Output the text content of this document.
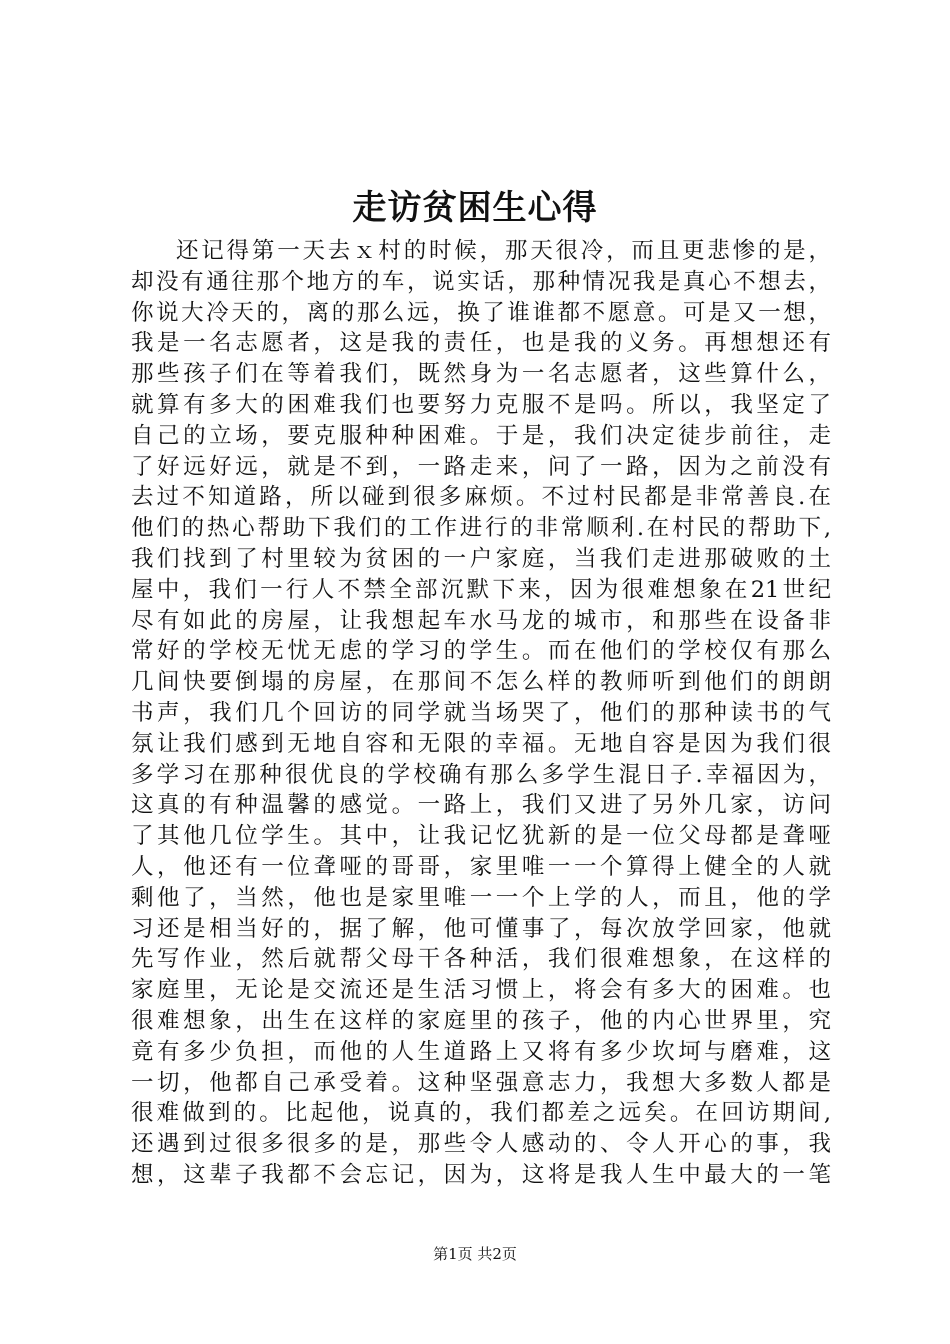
走访贫困生心得
还记得第一天去ｘ村的时候，那天很冷，而且更悲惨的是，
却没有通往那个地方的车，说实话，那种情况我是真心不想去，
你说大冷天的，离的那么远，换了谁谁都不愿意。可是又一想，
我是一名志愿者，这是我的责任，也是我的义务。再想想还有
那些孩子们在等着我们，既然身为一名志愿者，这些算什么，
就算有多大的困难我们也要努力克服不是吗。所以，我坚定了
自己的立场，要克服种种困难。于是，我们决定徒步前往，走
了好远好远，就是不到，一路走来，问了一路，因为之前没有
去过不知道路，所以碰到很多麻烦。不过村民都是非常善良.在
他们的热心帮助下我们的工作进行的非常顺利.在村民的帮助下,
我们找到了村里较为贫困的一户家庭，当我们走进那破败的土
屋中，我们一行人不禁全部沉默下来，因为很难想象在21世纪
尽有如此的房屋，让我想起车水马龙的城市，和那些在设备非
常好的学校无忧无虑的学习的学生。而在他们的学校仅有那么
几间快要倒塌的房屋，在那间不怎么样的教师听到他们的朗朗
书声，我们几个回访的同学就当场哭了，他们的那种读书的气
氛让我们感到无地自容和无限的幸福。无地自容是因为我们很
多学习在那种很优良的学校确有那么多学生混日子.幸福因为，
这真的有种温馨的感觉。一路上，我们又进了另外几家，访问
了其他几位学生。其中，让我记忆犹新的是一位父母都是聋哑
人，他还有一位聋哑的哥哥，家里唯一一个算得上健全的人就
剩他了，当然，他也是家里唯一一个上学的人，而且，他的学
习还是相当好的，据了解，他可懂事了，每次放学回家，他就
先写作业，然后就帮父母干各种活，我们很难想象，在这样的
家庭里，无论是交流还是生活习惯上，将会有多大的困难。也
很难想象，出生在这样的家庭里的孩子，他的内心世界里，究
竟有多少负担，而他的人生道路上又将有多少坎坷与磨难，这
一切，他都自己承受着。这种坚强意志力，我想大多数人都是
很难做到的。比起他，说真的，我们都差之远矣。在回访期间,
还遇到过很多很多的是，那些令人感动的、令人开心的事，我
想，这辈子我都不会忘记，因为，这将是我人生中最大的一笔
第1页 共2页
